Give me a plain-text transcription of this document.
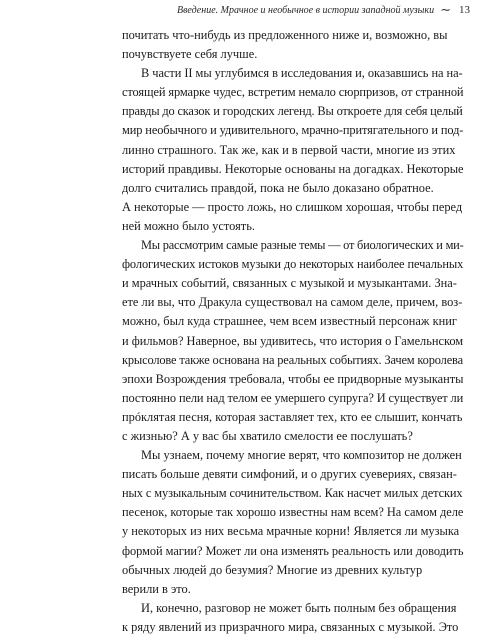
Введение. Мрачное и необычное в истории западной музыки ∼ 13
почитать что-нибудь из предложенного ниже и, возможно, вы
почувствуете себя лучше.
В части II мы углубимся в исследования и, оказавшись на на-
стоящей ярмарке чудес, встретим немало сюрпризов, от странной
правды до сказок и городских легенд. Вы откроете для себя целый
мир необычного и удивительного, мрачно-притягательного и под-
линно страшного. Так же, как и в первой части, многие из этих
историй правдивы. Некоторые основаны на догадках. Некоторые
долго считались правдой, пока не было доказано обратное.
А некоторые — просто ложь, но слишком хорошая, чтобы перед
ней можно было устоять.
Мы рассмотрим самые разные темы — от биологических и ми-
фологических истоков музыки до некоторых наиболее печальных
и мрачных событий, связанных с музыкой и музыкантами. Зна-
ете ли вы, что Дракула существовал на самом деле, причем, воз-
можно, был куда страшнее, чем всем известный персонаж книг
и фильмов? Наверное, вы удивитесь, что история о Гамельнском
крысолове также основана на реальных событиях. Зачем королева
эпохи Возрождения требовала, чтобы ее придворные музыканты
постоянно пели над телом ее умершего супруга? И существует ли
прóклятая песня, которая заставляет тех, кто ее слышит, кончать
с жизнью? А у вас бы хватило смелости ее послушать?
Мы узнаем, почему многие верят, что композитор не должен
писать больше девяти симфоний, и о других суевериях, связан-
ных с музыкальным сочинительством. Как насчет милых детских
песенок, которые так хорошо известны нам всем? На самом деле
у некоторых из них весьма мрачные корни! Является ли музыка
формой магии? Может ли она изменять реальность или доводить
обычных людей до безумия? Многие из древних культур
верили в это.
И, конечно, разговор не может быть полным без обращения
к ряду явлений из призрачного мира, связанных с музыкой. Это
